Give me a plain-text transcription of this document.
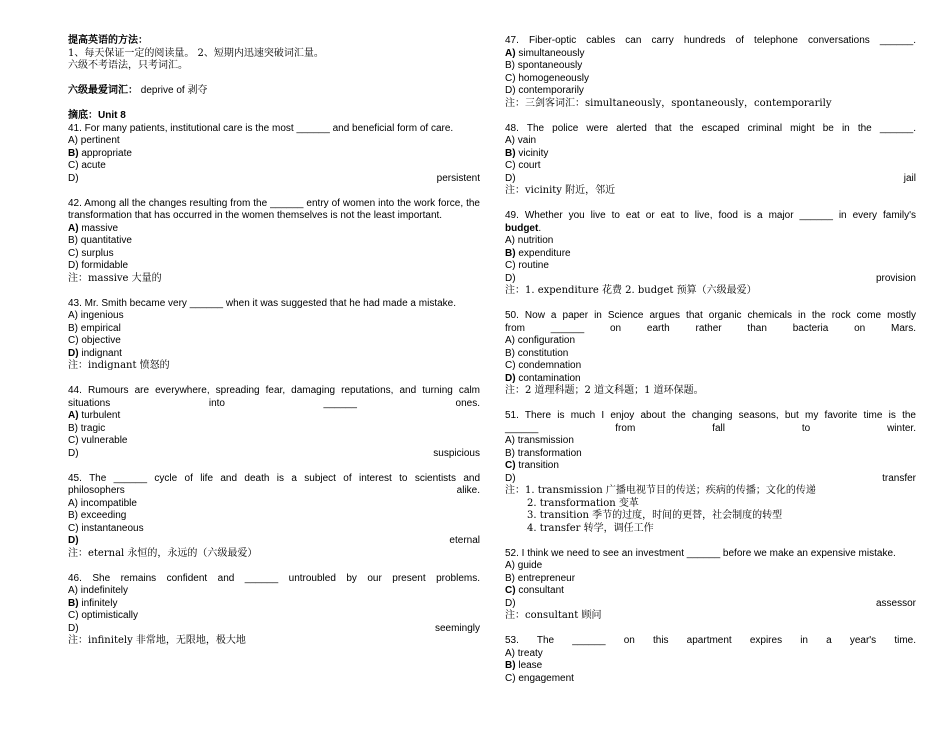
提高英语的方法：

1、每天保证一定的阅读量。 2、短期内迅速突破词汇量。

六级不考语法，只考词汇。

六级最爱词汇： deprive of 剥夺

摘底：Unit 8

41. For many patients, institutional care is the most ______ and beneficial form of care.

A) pertinent
B) appropriate
C) acute
D)	persistent

42. Among all the changes resulting from the ______ entry of women into the work force, the transformation that has occurred in the women themselves is not the least important.

A) massive
B) quantitative
C) surplus
D) formidable

注：massive 大量的

43. Mr. Smith became very ______ when it was suggested that he had made a mistake.

A) ingenious
B) empirical
C) objective
D) indignant

注：indignant 愤怒的

44. Rumours are everywhere, spreading fear, damaging reputations, and turning calm

situations into ______ ones.

A) turbulent
B) tragic
C) vulnerable
D)	suspicious

45. The ______ cycle of life and death is a subject of interest to scientists and

philosophers alike.

A) incompatible
B) exceeding
C) instantaneous
D)	eternal

注：eternal 永恒的，永远的（六级最爱）

46. She remains confident and ______ untroubled by our present problems.

A) indefinitely
B) infinitely
C) optimistically
D)	seemingly

注：infinitely 非常地，无限地，极大地

47. Fiber-optic cables can carry hundreds of telephone conversations ______.

A) simultaneously
B) spontaneously
C) homogeneously
D) contemporarily

注：三剑客词汇：simultaneously，spontaneously，contemporarily

48. The police were alerted that the escaped criminal might be in the ______.

A) vain
B) vicinity
C) court
D)	jail

注：vicinity 附近，邻近

49. Whether you live to eat or eat to live, food is a major ______ in every family's

budget.

A) nutrition
B) expenditure
C) routine
D)	provision

注：1. expenditure 花费 2. budget 预算（六级最爱）

50. Now a paper in Science argues that organic chemicals in the rock come mostly

from ______ on earth rather than bacteria on Mars.

A) configuration
B) constitution
C) condemnation
D) contamination

注：2 道理科题；2 道文科题；1 道环保题。

51. There is much I enjoy about the changing seasons, but my favorite time is the

______ from fall to winter.

A) transmission
B) transformation
C) transition
D)	transfer

注：1. transmission 广播电视节目的传送；疾病的传播；文化的传递

2. transformation 变革

3. transition 季节的过度，时间的更替，社会制度的转型

4. transfer 转学，调任工作

52. I think we need to see an investment ______ before we make an expensive mistake.

A) guide
B) entrepreneur
C) consultant
D)	assessor

注：consultant 顾问

53. The ______ on this apartment expires in a year's time.

A) treaty
B) lease
C) engagement
